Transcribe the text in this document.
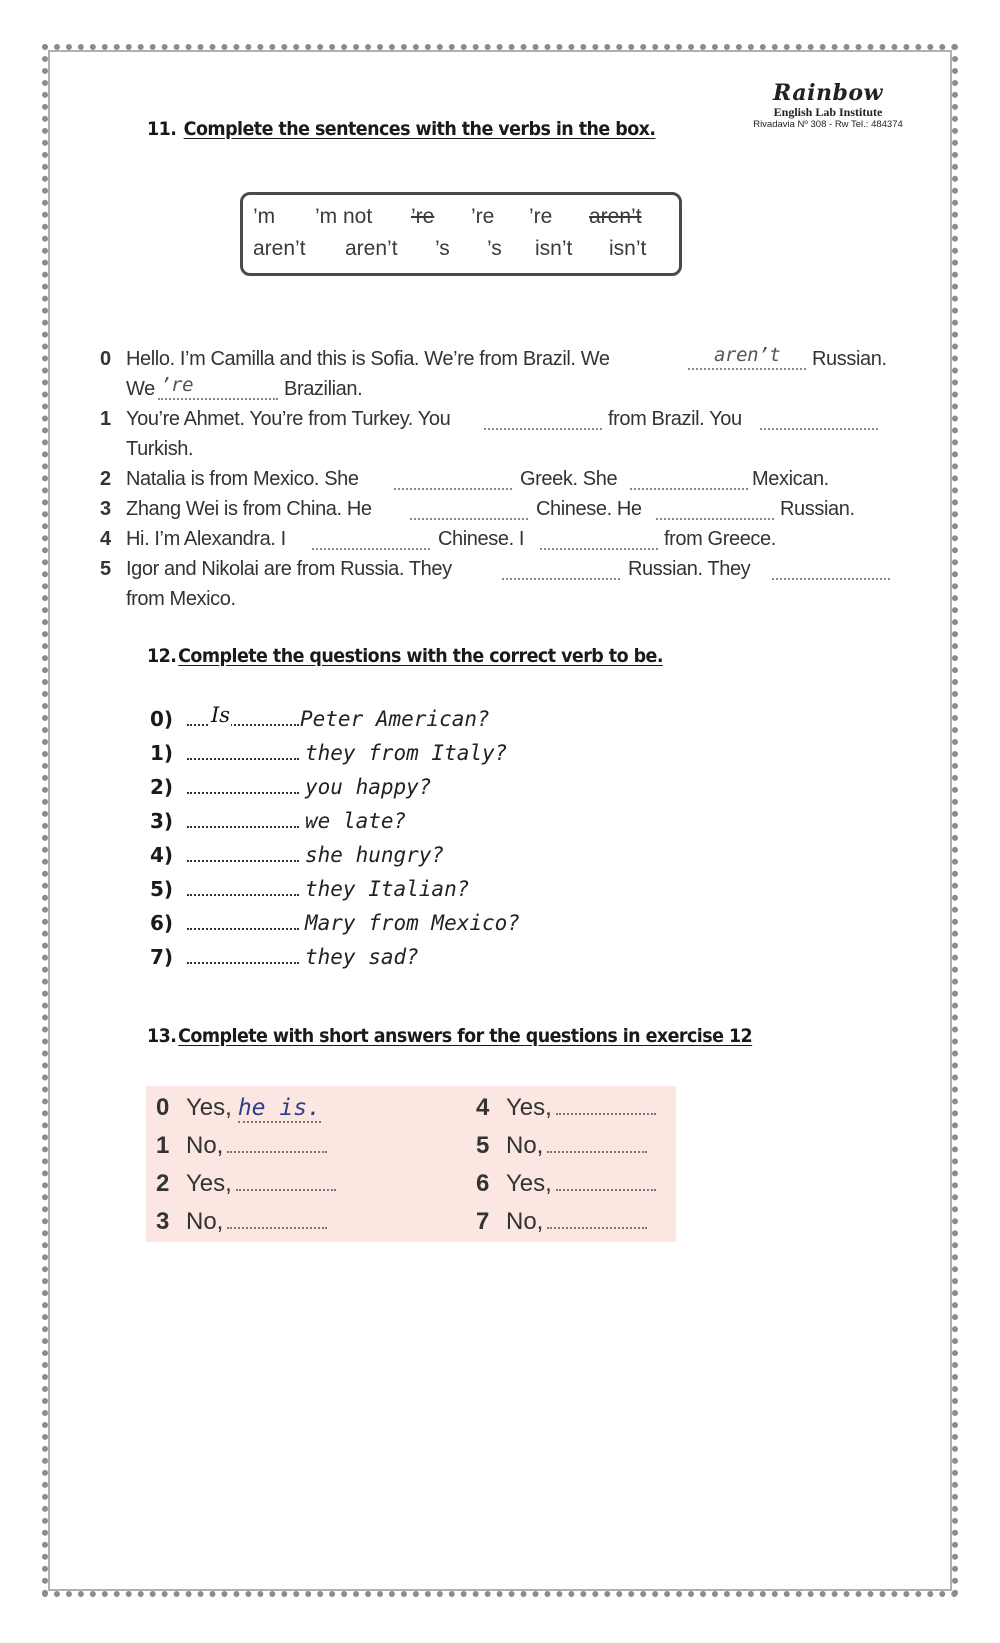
Rainbow
English Lab Institute
Rivadavia Nº 308 - Rw Tel.: 484374
11. Complete the sentences with the verbs in the box.
’m ’m not ’re ’re ’re aren’t
aren’t aren’t ’s ’s isn’t isn’t
0 Hello. I’m Camilla and this is Sofia. We’re from Brazil. We	aren’t Russian.
We ’re	Brazilian.
1 You’re Ahmet. You’re from Turkey. You	from Brazil. You
Turkish.
2 Natalia is from Mexico. She	Greek. She	Mexican.
3 Zhang Wei is from China. He	Chinese. He	Russian.
4 Hi. I’m Alexandra. I	Chinese. I	from Greece.
5 Igor and Nikolai are from Russia. They	Russian. They
from Mexico.
12.Complete the questions with the correct verb to be.
0) Is	Peter American?
1)	they from Italy?
2)	you happy?
3)	we late?
4)	she hungry?
5)	they Italian?
6)	Mary from Mexico?
7)	they sad?
13.Complete with short answers for the questions in exercise 12
0 Yes, he is.
1 No,
2 Yes,
3 No,
4 Yes,
5 No,
6 Yes,
7 No,
